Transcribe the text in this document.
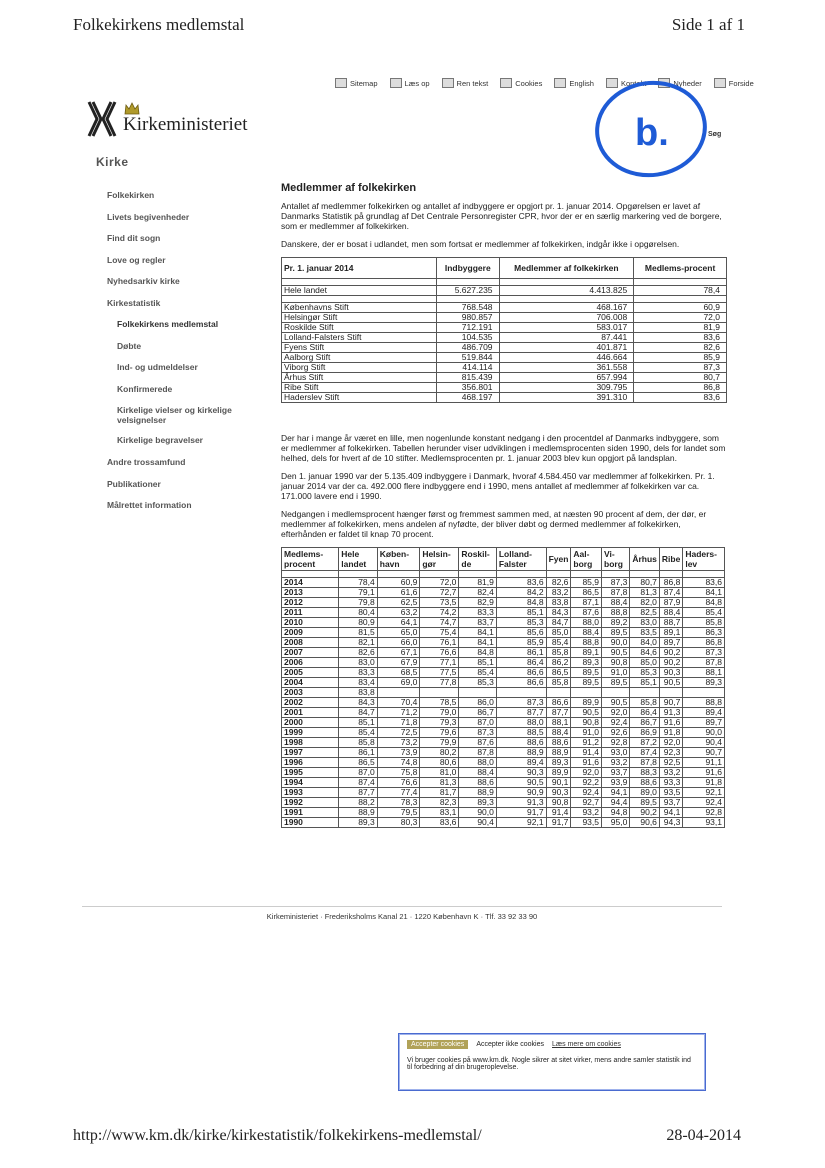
Folkekirkens medlemstal	Side 1 af 1
Sitemap	Læs op	Ren tekst	Cookies	English	Kontakt	Nyheder	Forside
b.	Søg
Kirkeministeriet
Kirke
Folkekirken
Livets begivenheder
Find dit sogn
Love og regler
Nyhedsarkiv kirke
Kirkestatistik
Folkekirkens medlemstal
Døbte
Ind- og udmeldelser
Konfirmerede
Kirkelige vielser og kirkelige velsignelser
Kirkelige begravelser
Andre trossamfund
Publikationer
Målrettet information
Medlemmer af folkekirken

Antallet af medlemmer folkekirken og antallet af indbyggere er opgjort pr. 1. januar 2014. Opgørelsen er lavet af Danmarks Statistik på grundlag af Det Centrale Personregister CPR, hvor der er en særlig markering ved de borgere, som er medlemmer af folkekirken.

Danskere, der er bosat i udlandet, men som fortsat er medlemmer af folkekirken, indgår ikke i opgørelsen.

Pr. 1. januar 2014	Indbyggere	Medlemmer af folkekirken	Medlems-procent

Hele landet	5.627.235	4.413.825	78,4

Københavns Stift	768.548	468.167	60,9
Helsingør Stift	980.857	706.008	72,0
Roskilde Stift	712.191	583.017	81,9
Lolland-Falsters Stift	104.535	87.441	83,6
Fyens Stift	486.709	401.871	82,6
Aalborg Stift	519.844	446.664	85,9
Viborg Stift	414.114	361.558	87,3
Århus Stift	815.439	657.994	80,7
Ribe Stift	356.801	309.795	86,8
Haderslev Stift	468.197	391.310	83,6

Der har i mange år været en lille, men nogenlunde konstant nedgang i den procentdel af Danmarks indbyggere, som er medlemmer af folkekirken. Tabellen herunder viser udviklingen i medlemsprocenten siden 1990, dels for landet som helhed, dels for hvert af de 10 stifter. Medlemsprocenten pr. 1. januar 2003 blev kun opgjort på landsplan.

Den 1. januar 1990 var der 5.135.409 indbyggere i Danmark, hvoraf 4.584.450 var medlemmer af folkekirken. Pr. 1. januar 2014 var der ca. 492.000 flere indbyggere end i 1990, mens antallet af medlemmer af folkekirken var ca. 171.000 lavere end i 1990.

Nedgangen i medlemsprocent hænger først og fremmest sammen med, at næsten 90 procent af dem, der dør, er medlemmer af folkekirken, mens andelen af nyfødte, der bliver døbt og dermed medlemmer af folkekirken, efterhånden er faldet til knap 70 procent.

Medlems-procent	Hele landet	Køben-havn	Helsin-gør	Roskil-de	Lolland-Falster	Fyen	Aal-borg	Vi-borg	Århus	Ribe	Haders-lev

2014	78,4	60,9	72,0	81,9	83,6	82,6	85,9	87,3	80,7	86,8	83,6
2013	79,1	61,6	72,7	82,4	84,2	83,2	86,5	87,8	81,3	87,4	84,1
2012	79,8	62,5	73,5	82,9	84,8	83,8	87,1	88,4	82,0	87,9	84,8
2011	80,4	63,2	74,2	83,3	85,1	84,3	87,6	88,8	82,5	88,4	85,4
2010	80,9	64,1	74,7	83,7	85,3	84,7	88,0	89,2	83,0	88,7	85,8
2009	81,5	65,0	75,4	84,1	85,6	85,0	88,4	89,5	83,5	89,1	86,3
2008	82,1	66,0	76,1	84,1	85,9	85,4	88,8	90,0	84,0	89,7	86,8
2007	82,6	67,1	76,6	84,8	86,1	85,8	89,1	90,5	84,6	90,2	87,3
2006	83,0	67,9	77,1	85,1	86,4	86,2	89,3	90,8	85,0	90,2	87,8
2005	83,3	68,5	77,5	85,4	86,6	86,5	89,5	91,0	85,3	90,3	88,1
2004	83,4	69,0	77,8	85,3	86,6	85,8	89,5	89,5	85,1	90,5	89,3
2003	83,8										
2002	84,3	70,4	78,5	86,0	87,3	86,6	89,9	90,5	85,8	90,7	88,8
2001	84,7	71,2	79,0	86,7	87,7	87,7	90,5	92,0	86,4	91,3	89,4
2000	85,1	71,8	79,3	87,0	88,0	88,1	90,8	92,4	86,7	91,6	89,7
1999	85,4	72,5	79,6	87,3	88,5	88,4	91,0	92,6	86,9	91,8	90,0
1998	85,8	73,2	79,9	87,6	88,6	88,6	91,2	92,8	87,2	92,0	90,4
1997	86,1	73,9	80,2	87,8	88,9	88,9	91,4	93,0	87,4	92,3	90,7
1996	86,5	74,8	80,6	88,0	89,4	89,3	91,6	93,2	87,8	92,5	91,1
1995	87,0	75,8	81,0	88,4	90,3	89,9	92,0	93,7	88,3	93,2	91,6
1994	87,4	76,6	81,3	88,6	90,5	90,1	92,2	93,9	88,6	93,3	91,8
1993	87,7	77,4	81,7	88,9	90,9	90,3	92,4	94,1	89,0	93,5	92,1
1992	88,2	78,3	82,3	89,3	91,3	90,8	92,7	94,4	89,5	93,7	92,4
1991	88,9	79,5	83,1	90,0	91,7	91,4	93,2	94,8	90,2	94,1	92,8
1990	89,3	80,3	83,6	90,4	92,1	91,7	93,5	95,0	90,6	94,3	93,1
Kirkeministeriet · Frederiksholms Kanal 21 · 1220 København K · Tlf. 33 92 33 90
Accepter cookies	Accepter ikke cookies Læs mere om cookies
Vi bruger cookies på www.km.dk. Nogle sikrer at sitet virker, mens andre samler statistik ind til forbedring af din brugeroplevelse.
http://www.km.dk/kirke/kirkestatistik/folkekirkens-medlemstal/	28-04-2014
